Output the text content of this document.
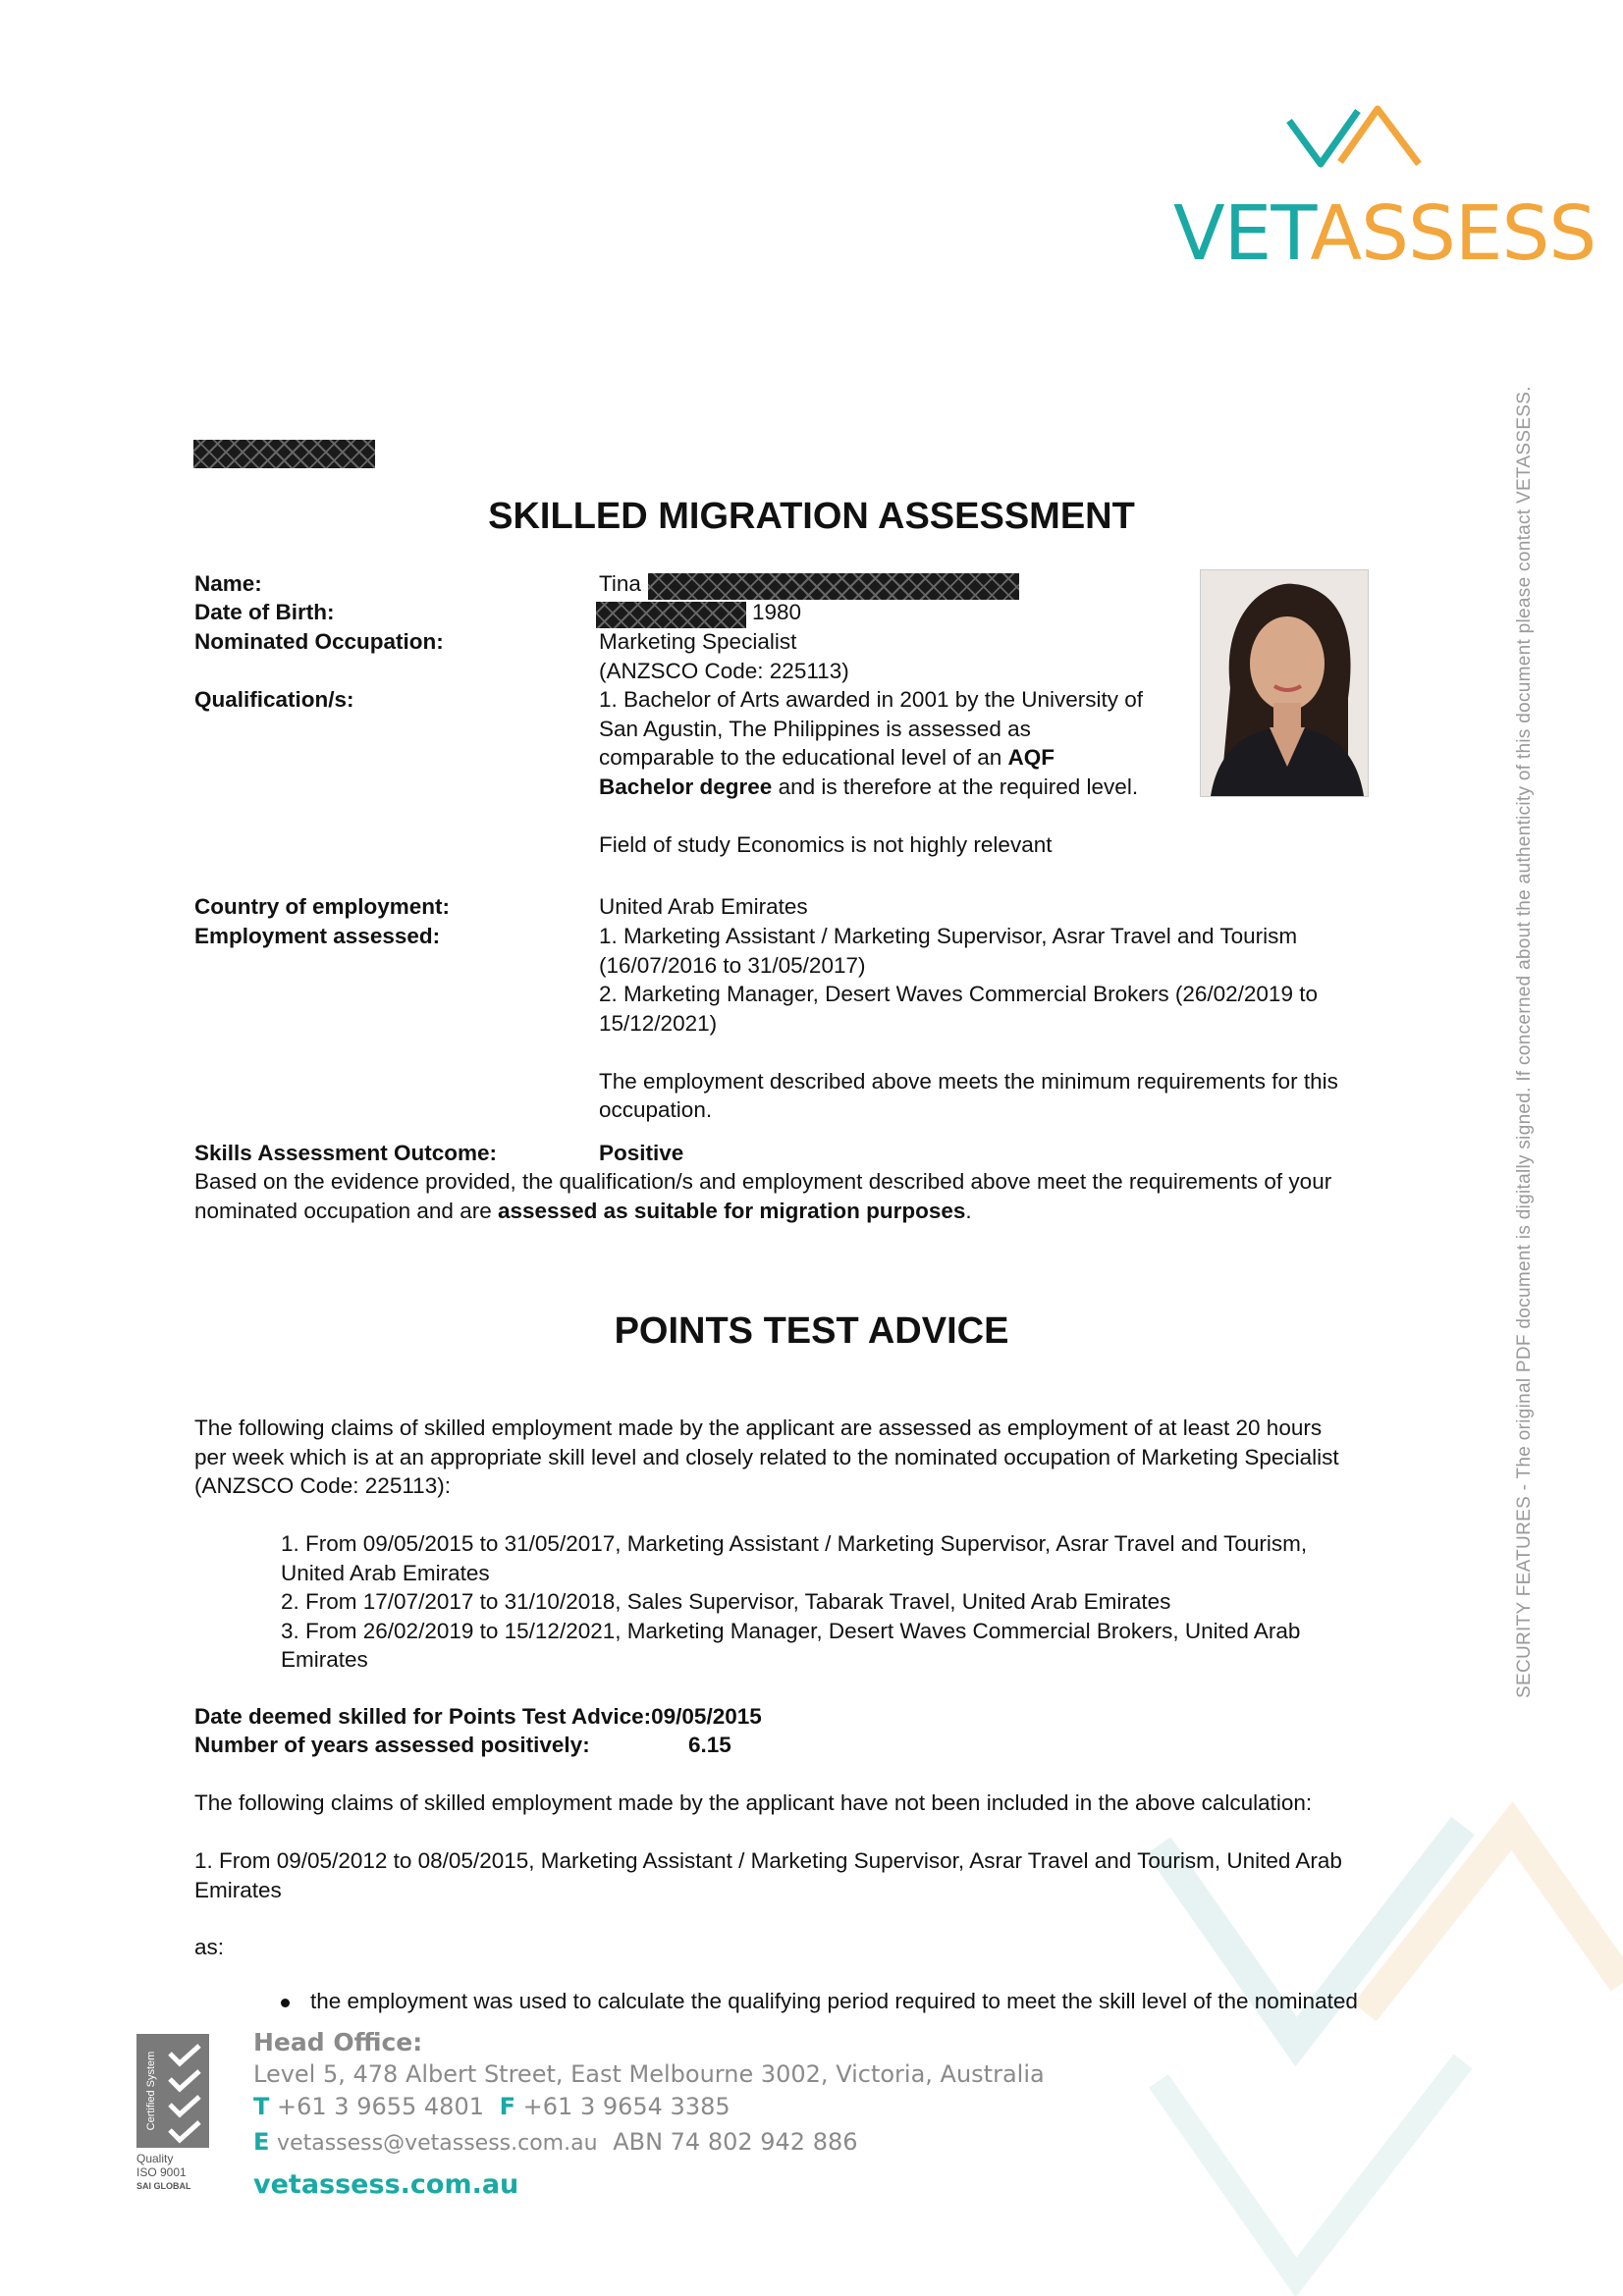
VETASSESS
SECURITY FEATURES - The original PDF document is digitally signed. If concerned about the authenticity of this document please contact VETASSESS.
SKILLED MIGRATION ASSESSMENT
Name:	Tina
Date of Birth:	1980
Nominated Occupation:	Marketing Specialist
(ANZSCO Code: 225113)
Qualification/s:	1. Bachelor of Arts awarded in 2001 by the University of
San Agustin, The Philippines is assessed as
comparable to the educational level of an AQF
Bachelor degree and is therefore at the required level.
Field of study Economics is not highly relevant
Country of employment:	United Arab Emirates
Employment assessed:	1. Marketing Assistant / Marketing Supervisor, Asrar Travel and Tourism
(16/07/2016 to 31/05/2017)
2. Marketing Manager, Desert Waves Commercial Brokers (26/02/2019 to
15/12/2021)
The employment described above meets the minimum requirements for this
occupation.
Skills Assessment Outcome:	Positive
Based on the evidence provided, the qualification/s and employment described above meet the requirements of your
nominated occupation and are assessed as suitable for migration purposes.
POINTS TEST ADVICE
The following claims of skilled employment made by the applicant are assessed as employment of at least 20 hours
per week which is at an appropriate skill level and closely related to the nominated occupation of Marketing Specialist
(ANZSCO Code: 225113):
1. From 09/05/2015 to 31/05/2017, Marketing Assistant / Marketing Supervisor, Asrar Travel and Tourism,
United Arab Emirates
2. From 17/07/2017 to 31/10/2018, Sales Supervisor, Tabarak Travel, United Arab Emirates
3. From 26/02/2019 to 15/12/2021, Marketing Manager, Desert Waves Commercial Brokers, United Arab
Emirates
Date deemed skilled for Points Test Advice:09/05/2015
Number of years assessed positively:	6.15
The following claims of skilled employment made by the applicant have not been included in the above calculation:
1. From 09/05/2012 to 08/05/2015, Marketing Assistant / Marketing Supervisor, Asrar Travel and Tourism, United Arab
Emirates
as:
the employment was used to calculate the qualifying period required to meet the skill level of the nominated
Certified System
Quality
ISO 9001
SAI GLOBAL
Head Office:
Level 5, 478 Albert Street, East Melbourne 3002, Victoria, Australia
T +61 3 9655 4801 F +61 3 9654 3385
E vetassess@vetassess.com.au ABN 74 802 942 886
vetassess.com.au
